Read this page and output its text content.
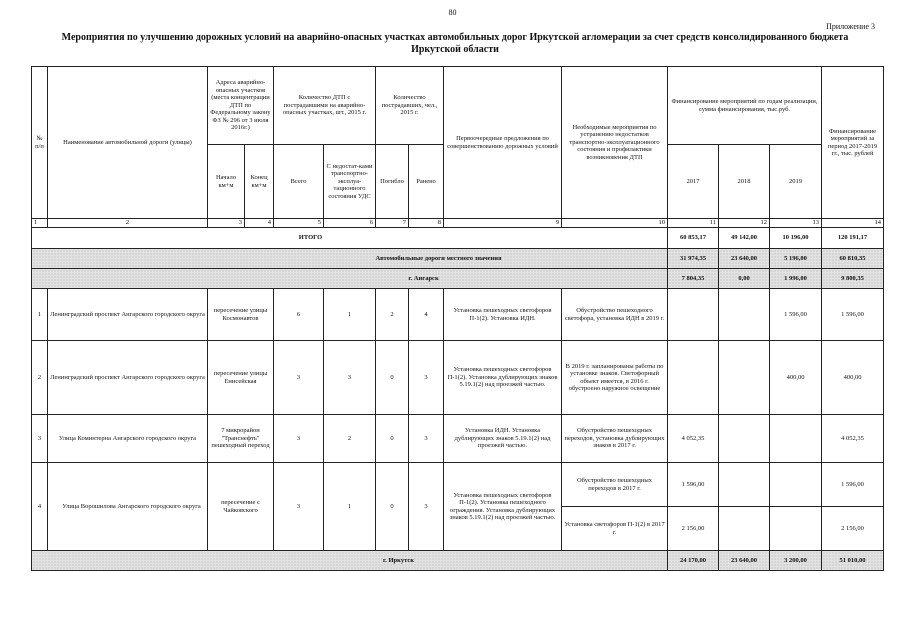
80
Приложение 3
Мероприятия по улучшению дорожных условий на аварийно-опасных участках автомобильных дорог Иркутской агломерации за счет средств консолидированного бюджета Иркутской области
№ п/п	Наименование автомобильной дороги (улицы)	Адреса аварийно-опасных участков (места концентрации ДТП по Федеральному закону ФЗ № 296 от 3 июля 2016г.)		Количество ДТП с пострадавшими на аварийно-опасных участках, шт., 2015 г.		Количество пострадавших, чел., 2015 г.		Первоочередные предложения по совершенствованию дорожных условий	Необходимые мероприятия по устранению недостатков транспортно-эксплуатационного состояния и профилактики возникновения ДТП	Финансирование мероприятий по годам реализации, сумма финансирования, тыс.руб.			Финансирование мероприятий за период 2017-2019 гг., тыс. рублей
		Начало км+м	Конец км+м	Всего	С недостат-ками транспортно-эксплуа-тационного состояния УДС	Погибло	Ранено			2017	2018	2019	
1	2	3	4	5	6	7	8	9	10	11	12	13	14
ИТОГО										60 853,17	49 142,00	10 196,00	120 191,17
Автомобильные дороги местного значения										31 974,35	23 640,00	5 196,00	60 810,35
г. Ангарск										7 804,35	0,00	1 996,00	9 800,35
1	Ленинградский проспект Ангарского городского округа	пересечение улицы Космонавтов		6	1	2	4	Установка пешеходных светофоров П-1(2). Установка ИДН.	Обустройство пешеходного светофора, установка ИДН в 2019 г.			1 596,00	1 596,00
2	Ленинградский проспект Ангарского городского округа	пересечение улицы Енисейская		3	3	0	3	Установка пешеходных светофоров П-1(2). Установка дублирующих знаков 5.19.1(2) над проезжей частью.	В 2019 г. запланированы работы по установке знаков. Светофорный объект имеется, в 2016 г. обустроено наружное освещение			400,00	400,00
3	Улица Коминтерна Ангарского городского округа	7 микрорайон "Транснефть" пешеходный переход		3	2	0	3	Установка ИДН. Установка дублирующих знаков 5.19.1(2) над проезжей частью.	Обустройство пешеходных переходов, установка дублирующих знаков в 2017 г.	4 052,35			4 052,35
4	Улица Ворошилова Ангарского городского округа	пересечение с Чайковского		3	1	0	3	Установка пешеходных светофоров П-1(2). Установка пешеходного ограждения. Установка дублирующих знаков 5.19.1(2) над проезжей частью.	Обустройство пешеходных переходов в 2017 г.	1 596,00			1 596,00
									Установка светофоров П-1(2) в 2017 г.	2 156,00			2 156,00
г. Иркутск										24 170,00	23 640,00	3 200,00	51 010,00
